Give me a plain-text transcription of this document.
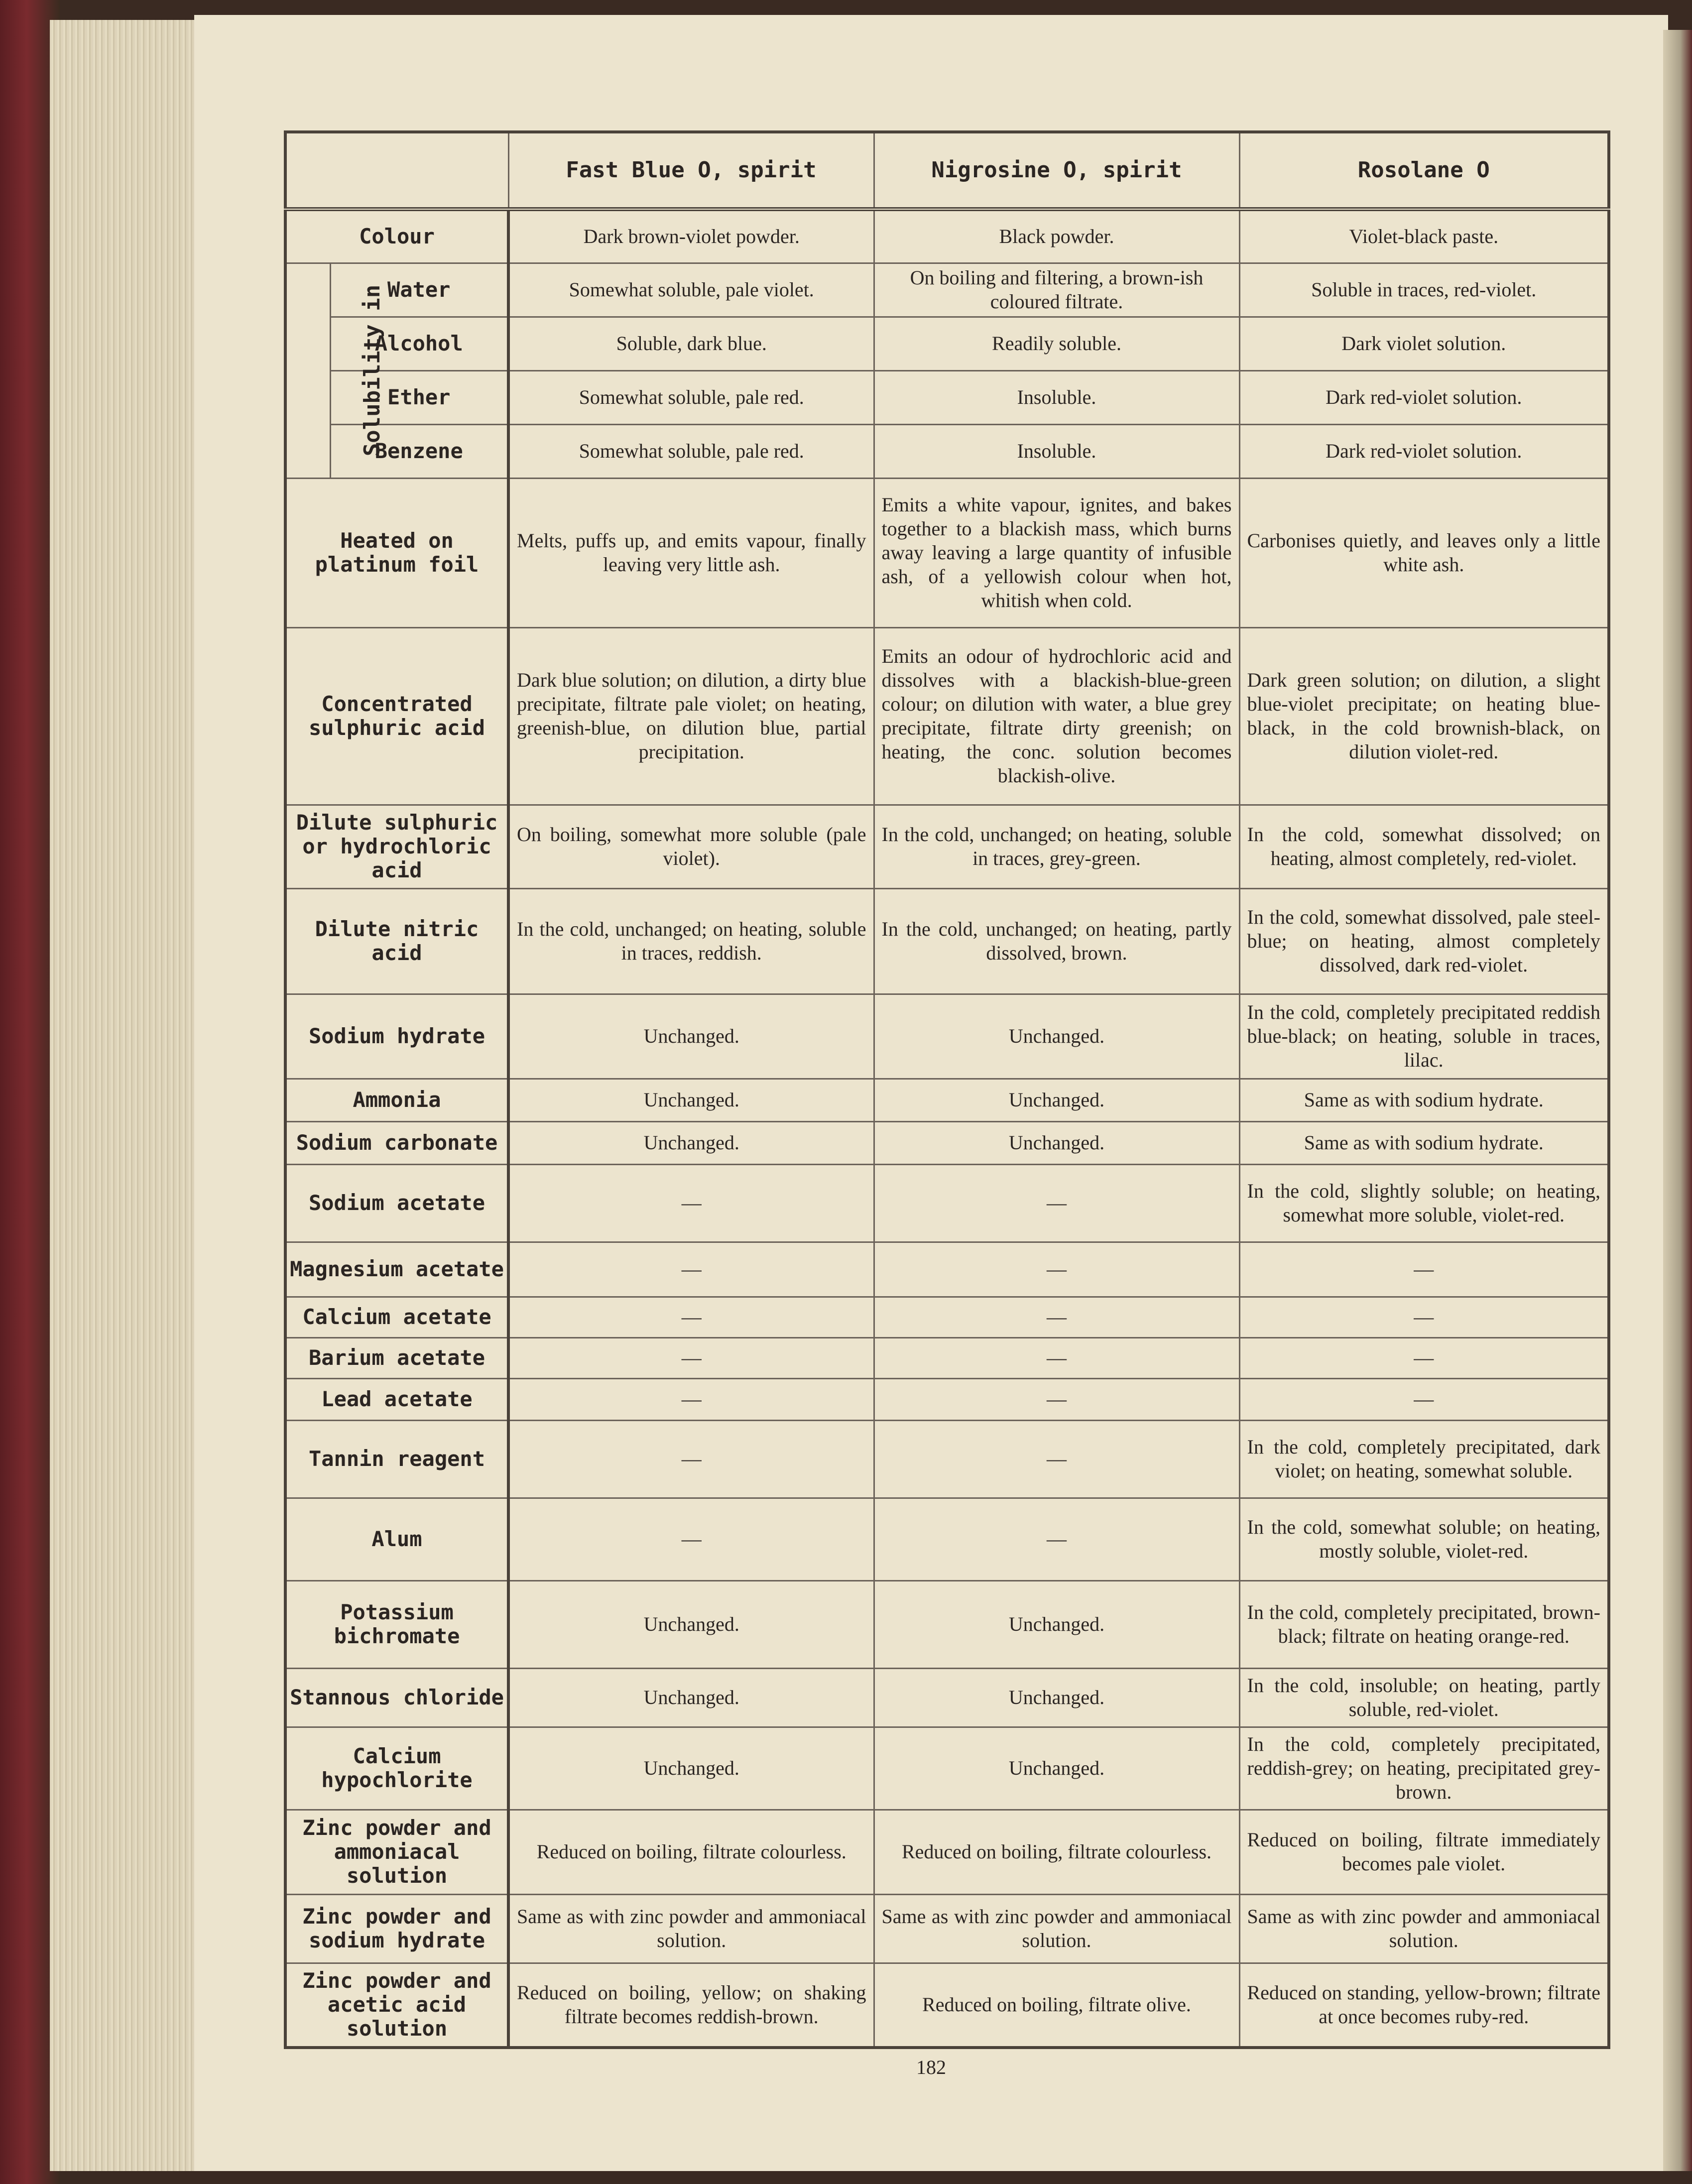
		Fast Blue O, spirit	Nigrosine O, spirit	Rosolane O
Colour		Dark brown-violet powder.	Black powder.	Violet-black paste.
Solubility in	Water	Somewhat soluble, pale violet.	On boiling and filtering, a brown-ish coloured filtrate.	Soluble in traces, red-violet.
	Alcohol	Soluble, dark blue.	Readily soluble.	Dark violet solution.
	Ether	Somewhat soluble, pale red.	Insoluble.	Dark red-violet solution.
	Benzene	Somewhat soluble, pale red.	Insoluble.	Dark red-violet solution.
Heated on platinum foil		Melts, puffs up, and emits vapour, finally leaving very little ash.	Emits a white vapour, ignites, and bakes together to a blackish mass, which burns away leaving a large quantity of infusible ash, of a yellowish colour when hot, whitish when cold.	Carbonises quietly, and leaves only a little white ash.
Concentrated sulphuric acid		Dark blue solution; on dilution, a dirty blue precipitate, filtrate pale violet; on heating, greenish-blue, on dilution blue, partial precipitation.	Emits an odour of hydrochloric acid and dissolves with a blackish-blue-green colour; on dilution with water, a blue grey precipitate, filtrate dirty greenish; on heating, the conc. solution becomes blackish-olive.	Dark green solution; on dilution, a slight blue-violet precipitate; on heating blue-black, in the cold brownish-black, on dilution violet-red.
Dilute sulphuric or hydrochloric acid		On boiling, somewhat more soluble (pale violet).	In the cold, unchanged; on heating, soluble in traces, grey-green.	In the cold, somewhat dissolved; on heating, almost completely, red-violet.
Dilute nitric acid		In the cold, unchanged; on heating, soluble in traces, reddish.	In the cold, unchanged; on heating, partly dissolved, brown.	In the cold, somewhat dissolved, pale steel-blue; on heating, almost completely dissolved, dark red-violet.
Sodium hydrate		Unchanged.	Unchanged.	In the cold, completely precipitated reddish blue-black; on heating, soluble in traces, lilac.
Ammonia		Unchanged.	Unchanged.	Same as with sodium hydrate.
Sodium carbonate		Unchanged.	Unchanged.	Same as with sodium hydrate.
Sodium acetate		—	—	In the cold, slightly soluble; on heating, somewhat more soluble, violet-red.
Magnesium acetate		—	—	—
Calcium acetate		—	—	—
Barium acetate		—	—	—
Lead acetate		—	—	—
Tannin reagent		—	—	In the cold, completely precipitated, dark violet; on heating, somewhat soluble.
Alum		—	—	In the cold, somewhat soluble; on heating, mostly soluble, violet-red.
Potassium bichromate		Unchanged.	Unchanged.	In the cold, completely precipitated, brown-black; filtrate on heating orange-red.
Stannous chloride		Unchanged.	Unchanged.	In the cold, insoluble; on heating, partly soluble, red-violet.
Calcium hypochlorite		Unchanged.	Unchanged.	In the cold, completely precipitated, reddish-grey; on heating, precipitated grey-brown.
Zinc powder and ammoniacal solution		Reduced on boiling, filtrate colourless.	Reduced on boiling, filtrate colourless.	Reduced on boiling, filtrate immediately becomes pale violet.
Zinc powder and sodium hydrate		Same as with zinc powder and ammoniacal solution.	Same as with zinc powder and ammoniacal solution.	Same as with zinc powder and ammoniacal solution.
Zinc powder and acetic acid solution		Reduced on boiling, yellow; on shaking filtrate becomes reddish-brown.	Reduced on boiling, filtrate olive.	Reduced on standing, yellow-brown; filtrate at once becomes ruby-red.
182
